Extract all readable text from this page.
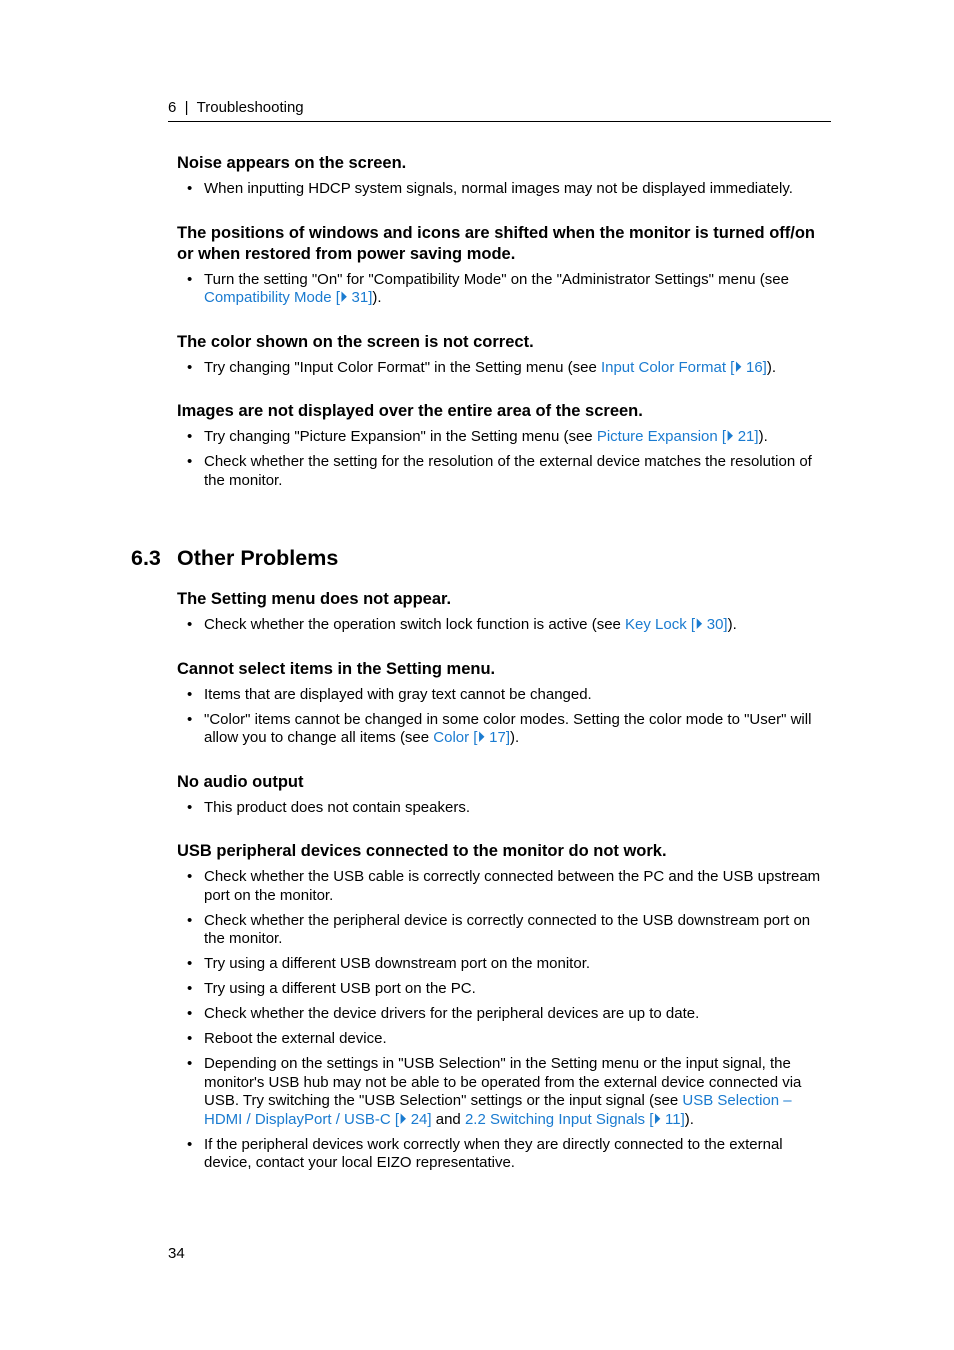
6  |  Troubleshooting
Noise appears on the screen.
• When inputting HDCP system signals, normal images may not be displayed immediately.
The positions of windows and icons are shifted when the monitor is turned off/on or when restored from power saving mode.
• Turn the setting "On" for "Compatibility Mode" on the "Administrator Settings" menu (see Compatibility Mode [⏵ 31]).
The color shown on the screen is not correct.
• Try changing "Input Color Format" in the Setting menu (see Input Color Format [⏵ 16]).
Images are not displayed over the entire area of the screen.
• Try changing "Picture Expansion" in the Setting menu (see Picture Expansion [⏵ 21]).
• Check whether the setting for the resolution of the external device matches the resolution of the monitor.
6.3 Other Problems
The Setting menu does not appear.
• Check whether the operation switch lock function is active (see Key Lock [⏵ 30]).
Cannot select items in the Setting menu.
• Items that are displayed with gray text cannot be changed.
• "Color" items cannot be changed in some color modes. Setting the color mode to "User" will allow you to change all items (see Color [⏵ 17]).
No audio output
• This product does not contain speakers.
USB peripheral devices connected to the monitor do not work.
• Check whether the USB cable is correctly connected between the PC and the USB upstream port on the monitor.
• Check whether the peripheral device is correctly connected to the USB downstream port on the monitor.
• Try using a different USB downstream port on the monitor.
• Try using a different USB port on the PC.
• Check whether the device drivers for the peripheral devices are up to date.
• Reboot the external device.
• Depending on the settings in "USB Selection" in the Setting menu or the input signal, the monitor's USB hub may not be able to be operated from the external device connected via USB. Try switching the "USB Selection" settings or the input signal (see USB Selection – HDMI / DisplayPort / USB-C [⏵ 24] and 2.2 Switching Input Signals [⏵ 11]).
• If the peripheral devices work correctly when they are directly connected to the external device, contact your local EIZO representative.
34
